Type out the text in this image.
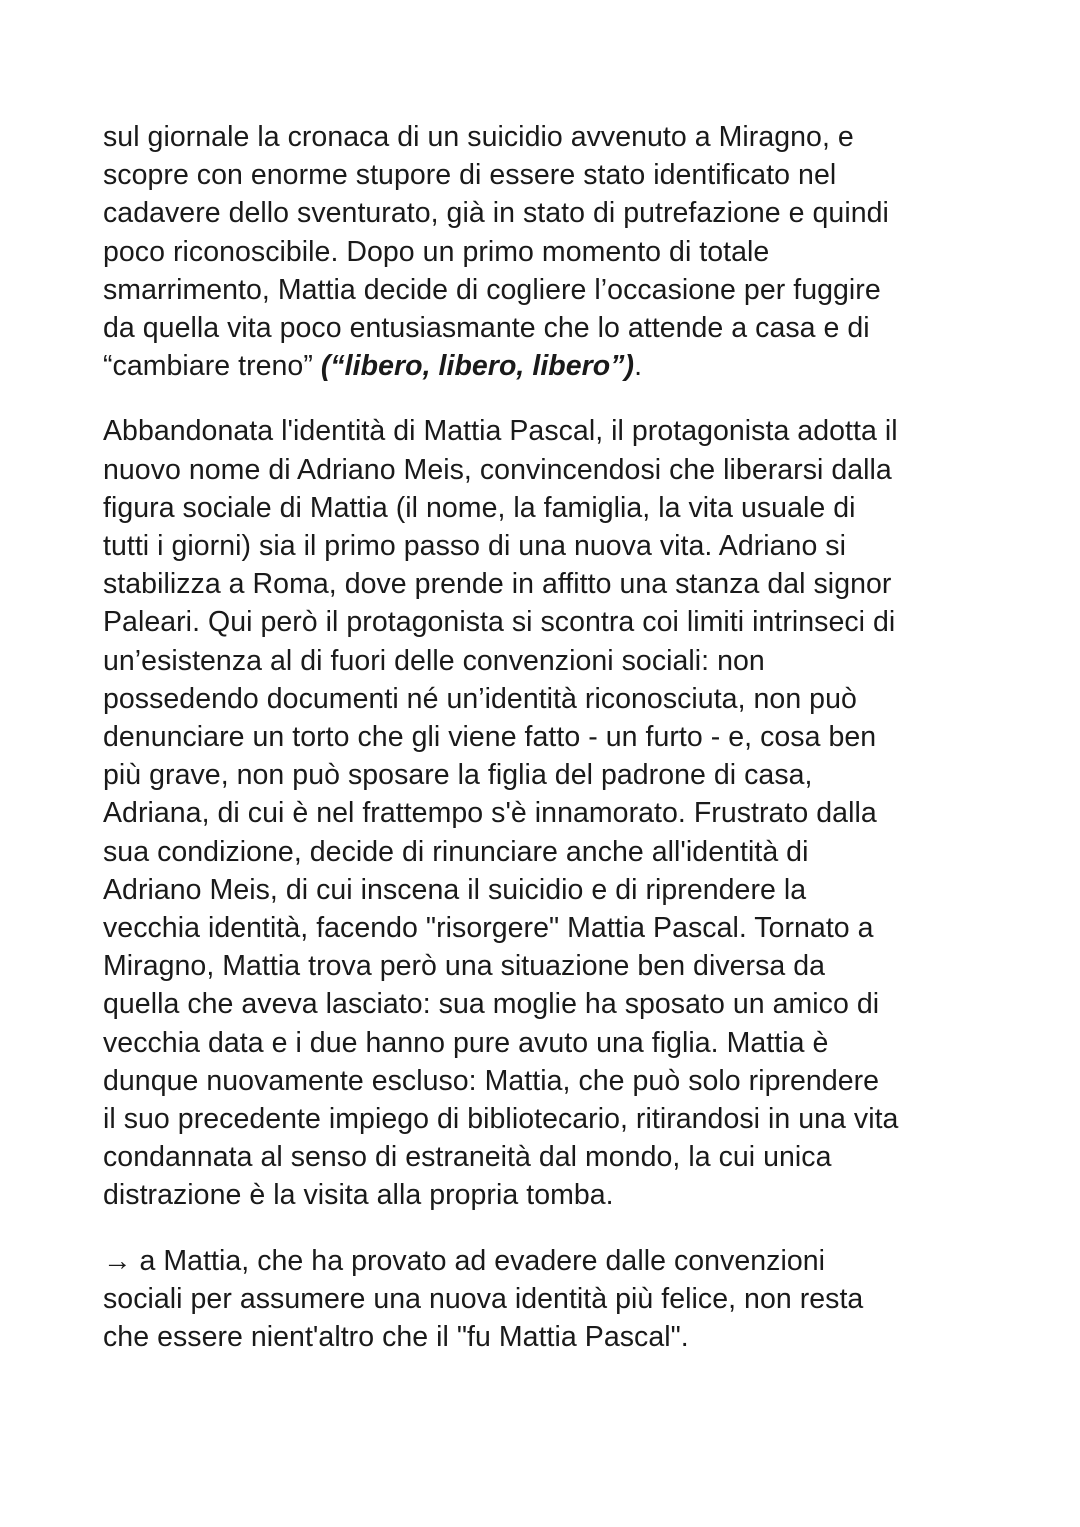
sul giornale la cronaca di un suicidio avvenuto a Miragno, e
scopre con enorme stupore di essere stato identificato nel
cadavere dello sventurato, già in stato di putrefazione e quindi
poco riconoscibile. Dopo un primo momento di totale
smarrimento, Mattia decide di cogliere l’occasione per fuggire
da quella vita poco entusiasmante che lo attende a casa e di
“cambiare treno” (“libero, libero, libero”).

Abbandonata l'identità di Mattia Pascal, il protagonista adotta il
nuovo nome di Adriano Meis, convincendosi che liberarsi dalla
figura sociale di Mattia (il nome, la famiglia, la vita usuale di
tutti i giorni) sia il primo passo di una nuova vita. Adriano si
stabilizza a Roma, dove prende in affitto una stanza dal signor
Paleari. Qui però il protagonista si scontra coi limiti intrinseci di
un’esistenza al di fuori delle convenzioni sociali: non
possedendo documenti né un’identità riconosciuta, non può
denunciare un torto che gli viene fatto - un furto - e, cosa ben
più grave, non può sposare la figlia del padrone di casa,
Adriana, di cui è nel frattempo s'è innamorato. Frustrato dalla
sua condizione, decide di rinunciare anche all'identità di
Adriano Meis, di cui inscena il suicidio e di riprendere la
vecchia identità, facendo "risorgere" Mattia Pascal. Tornato a
Miragno, Mattia trova però una situazione ben diversa da
quella che aveva lasciato: sua moglie ha sposato un amico di
vecchia data e i due hanno pure avuto una figlia. Mattia è
dunque nuovamente escluso: Mattia, che può solo riprendere
il suo precedente impiego di bibliotecario, ritirandosi in una vita
condannata al senso di estraneità dal mondo, la cui unica
distrazione è la visita alla propria tomba.

→ a Mattia, che ha provato ad evadere dalle convenzioni
sociali per assumere una nuova identità più felice, non resta
che essere nient'altro che il "fu Mattia Pascal".
